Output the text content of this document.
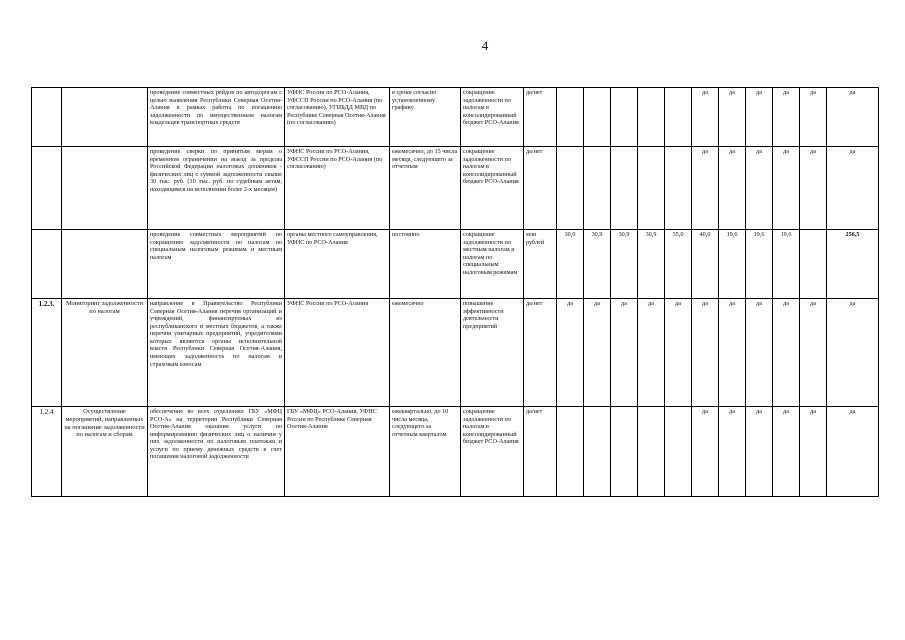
4
		проведение совместных рейдов по автодорогам с целью выявления Республики Северная Осетия-Алания в рамках работы по погашению задолженности по имущественным налогам владельцев транспортных средств	УФНС России по РСО-Алания, УФССП России по РСО-Алания (по согласованию), УГИБДД МВД по Республике Северная Осетия-Алания (по согласованию)	в сроки согласно установленному графику	сокращение задолженности по налогам в консолидированный бюджет РСО-Алания	да/нет						да	да	да	да	да	да
		проведение сверки по принятым мерам о временном ограничении на выезд за пределы Российской Федерации налоговых должников - физических лиц с суммой задолженности свыше 30 тыс. руб. (10 тыс. руб. по судебным актам, находящимся на исполнении более 2-х месяцев)	УФНС России по РСО-Алания, УФССП России по РСО-Алания (по согласованию)	ежемесячно, до 15 числа месяца, следующего за отчетным	сокращение задолженности по налогам в консолидированный бюджет РСО-Алания	да/нет						да	да	да	да	да	да
		проведение совместных мероприятий по сокращению задолженности по налогам по специальным налоговым режимам и местным налогам	органы местного самоуправления, УФНС по РСО-Алания	постоянно	сокращение задолженности по местным налогам и налогам по специальным налоговым режимам	млн рублей	30,0	30,9	30,9	30,9	35,0	40,0	19,6	19,6	19,6		256,5
1.2.3.	Мониторинг задолженности по налогам	направление в Правительство Республики Северная Осетия-Алания перечня организаций и учреждений, финансируемых из республиканского и местных бюджетов, а также перечня унитарных предприятий, учредителями которых являются органы исполнительной власти Республики Северная Осетия-Алания, имеющих задолженность по налогам и страховым взносам	УФНС России по РСО-Алания	ежемесячно	повышение эффективности деятельности предприятий	да/нет	да	да	да	да	да	да	да	да	да	да	да
1.2.4	Осуществление мероприятий, направленных на погашение задолженности по налогам и сборам	обеспечение во всех отделениях ГБУ «МФЦ РСО-А» на территории Республики Северная Осетия-Алания оказания услуги по информированию физических лиц о наличии у них задолженности по налоговым платежам и услуги по приему денежных средств в счет погашения налоговой задолженности	ГБУ «МФЦ» РСО-Алания, УФНС России по Республике Северная Осетия-Алания	ежеквартально, до 10 числа месяца, следующего за отчетным кварталом	сокращение задолженности по налогам в консолидированный бюджет РСО-Алания	да/нет						да	да	да	да	да	да
